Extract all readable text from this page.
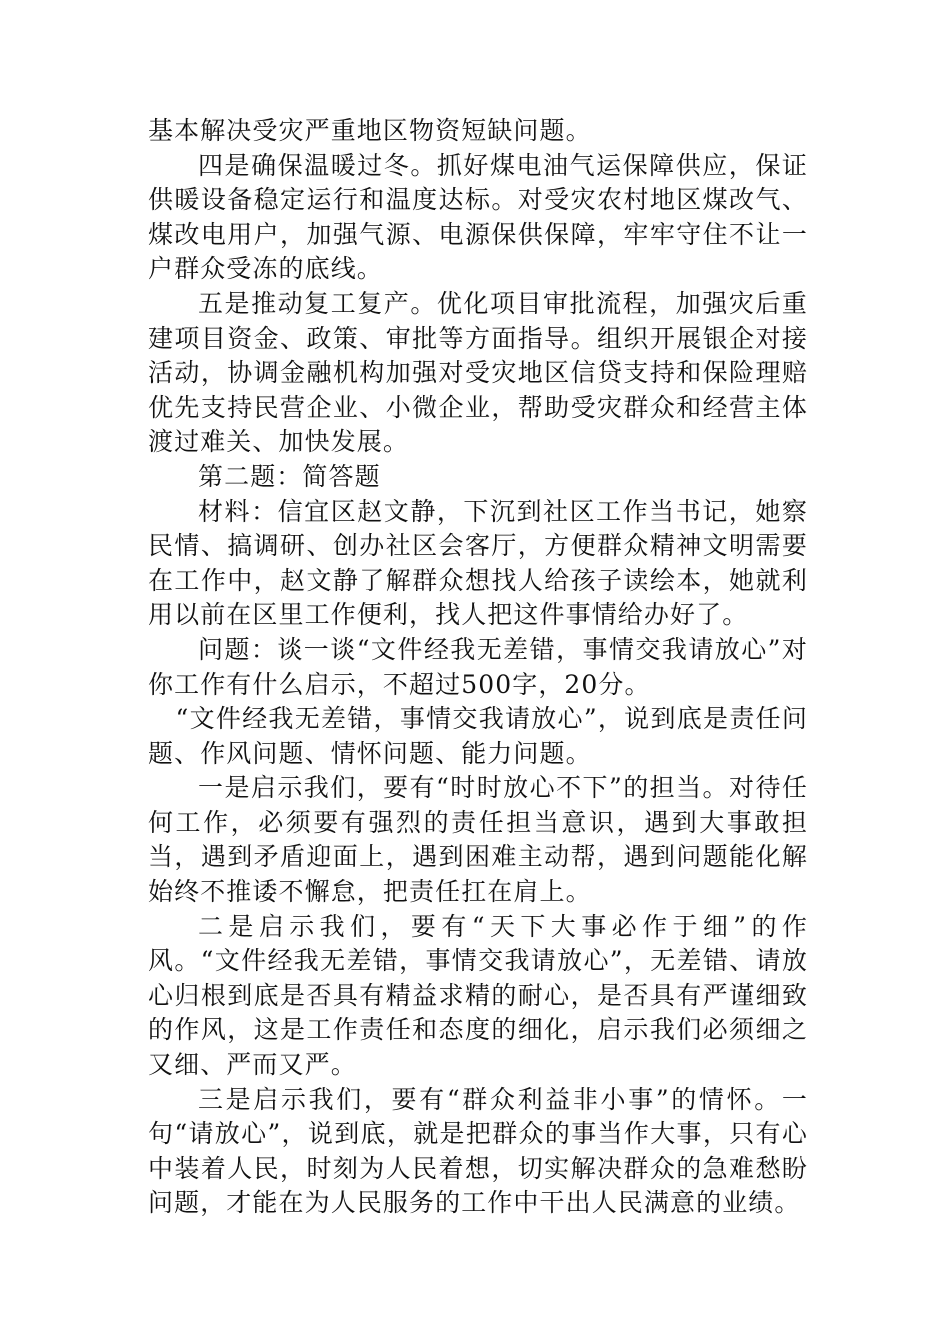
基本解决受灾严重地区物资短缺问题。

四是确保温暖过冬。抓好煤电油气运保障供应，保证供暖设备稳定运行和温度达标。对受灾农村地区煤改气、煤改电用户，加强气源、电源保供保障，牢牢守住不让一户群众受冻的底线。

五是推动复工复产。优化项目审批流程，加强灾后重建项目资金、政策、审批等方面指导。组织开展银企对接活动，协调金融机构加强对受灾地区信贷支持和保险理赔优先支持民营企业、小微企业，帮助受灾群众和经营主体渡过难关、加快发展。

第二题：简答题

材料：信宜区赵文静，下沉到社区工作当书记，她察民情、搞调研、创办社区会客厅，方便群众精神文明需要在工作中，赵文静了解群众想找人给孩子读绘本，她就利用以前在区里工作便利，找人把这件事情给办好了。

问题：谈一谈“文件经我无差错，事情交我请放心”对你工作有什么启示，不超过500字，20分。

“文件经我无差错，事情交我请放心”，说到底是责任问题、作风问题、情怀问题、能力问题。

一是启示我们，要有“时时放心不下”的担当。对待任何工作，必须要有强烈的责任担当意识，遇到大事敢担当，遇到矛盾迎面上，遇到困难主动帮，遇到问题能化解始终不推诿不懈怠，把责任扛在肩上。

二是启示我们，要有“天下大事必作于细”的作风。“文件经我无差错，事情交我请放心”，无差错、请放心归根到底是否具有精益求精的耐心，是否具有严谨细致的作风，这是工作责任和态度的细化，启示我们必须细之又细、严而又严。

三是启示我们，要有“群众利益非小事”的情怀。一句“请放心”，说到底，就是把群众的事当作大事，只有心中装着人民，时刻为人民着想，切实解决群众的急难愁盼问题，才能在为人民服务的工作中干出人民满意的业绩。
